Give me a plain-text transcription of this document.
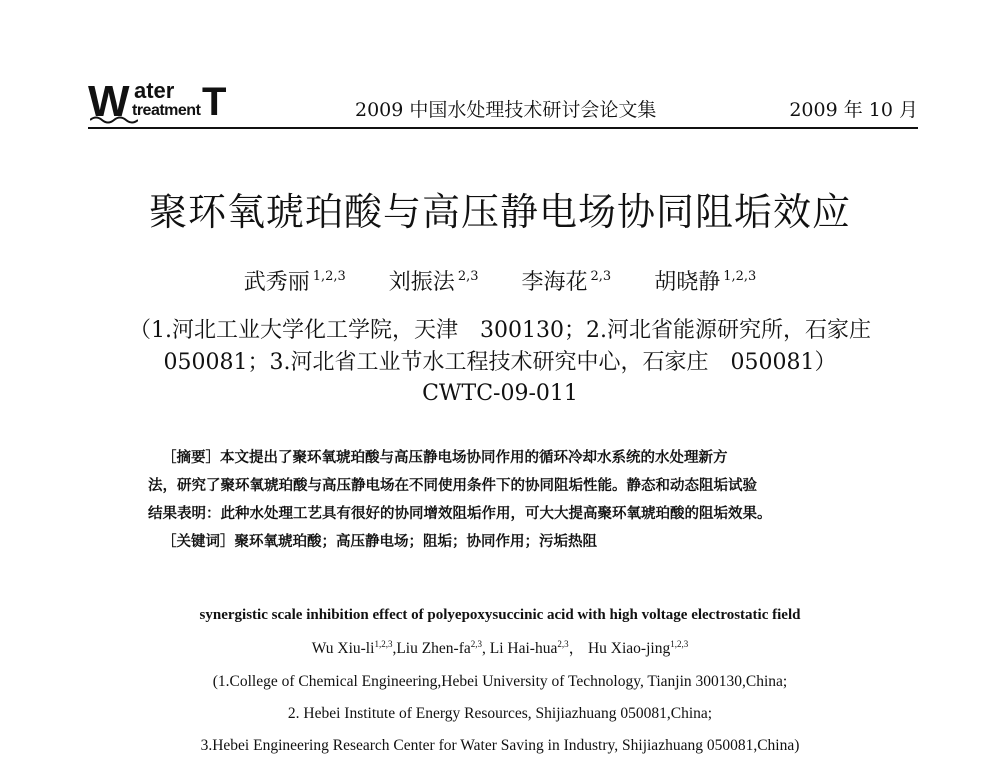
W ater
treatment T	2009 中国水处理技术研讨会论文集	2009 年 10 月
聚环氧琥珀酸与高压静电场协同阻垢效应
武秀丽 $^{1,2,3}$ 刘振法 $^{2,3}$ 李海花 $^{2,3}$ 胡晓静 $^{1,2,3}$
（1.河北工业大学化工学院，天津　300130；2.河北省能源研究所，石家庄
050081；3.河北省工业节水工程技术研究中心，石家庄　050081）
CWTC-09-011
［摘要］本文提出了聚环氧琥珀酸与高压静电场协同作用的循环冷却水系统的水处理新方
法，研究了聚环氧琥珀酸与高压静电场在不同使用条件下的协同阻垢性能。静态和动态阻垢试验
结果表明：此种水处理工艺具有很好的协同增效阻垢作用，可大大提高聚环氧琥珀酸的阻垢效果。
［关键词］聚环氧琥珀酸；高压静电场；阻垢；协同作用；污垢热阻
synergistic scale inhibition effect of polyepoxysuccinic acid with high voltage electrostatic field
Wu Xiu-li$^{1,2,3}$,Liu Zhen-fa$^{2,3}$, Li Hai-hua$^{2,3}$， Hu Xiao-jing$^{1,2,3}$
(1.College of Chemical Engineering,Hebei University of Technology, Tianjin 300130,China;
2. Hebei Institute of Energy Resources, Shijiazhuang 050081,China;
3.Hebei Engineering Research Center for Water Saving in Industry, Shijiazhuang 050081,China)
